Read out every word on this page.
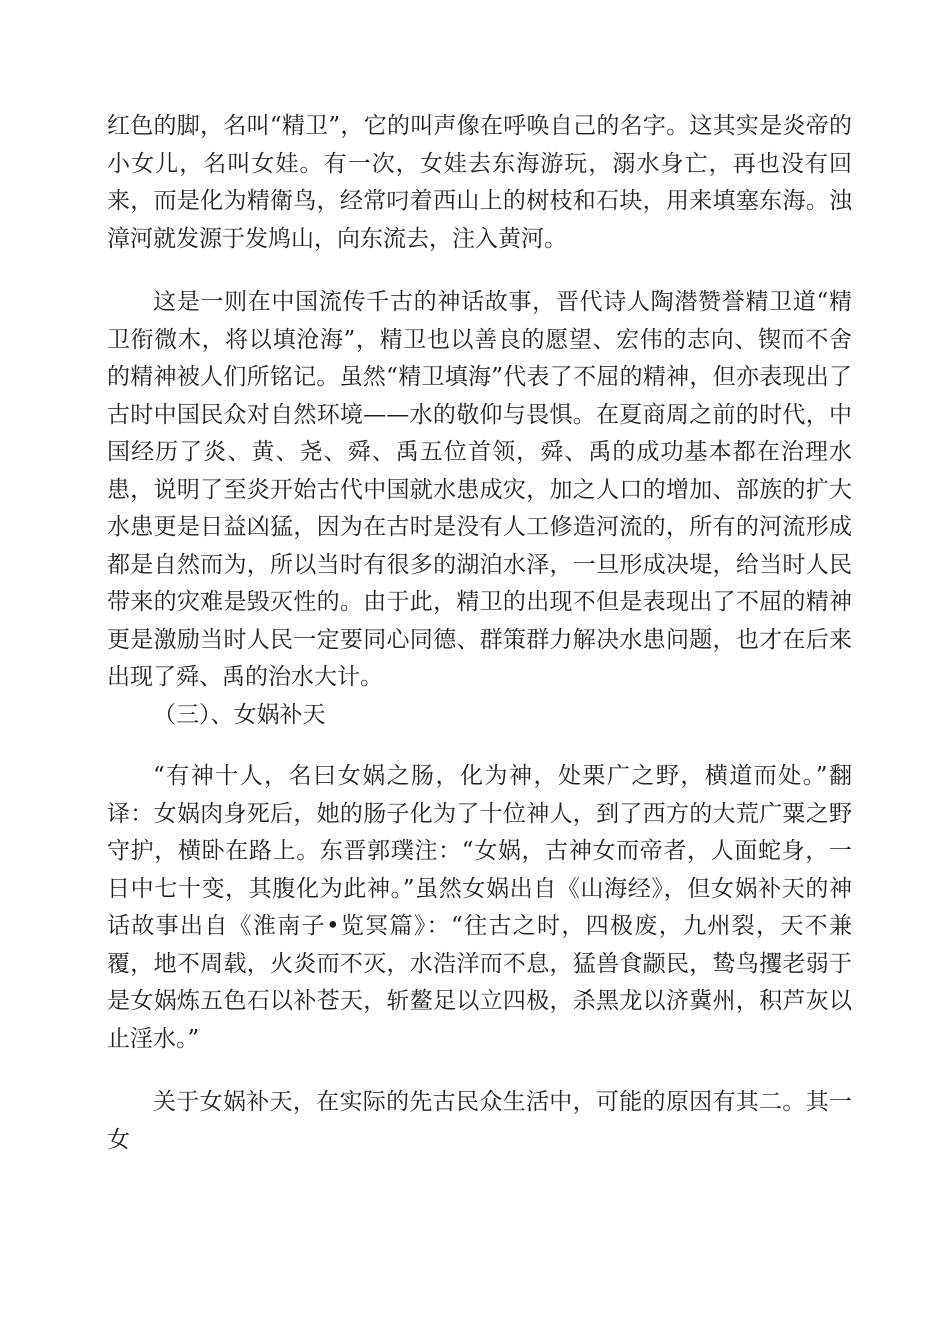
红色的脚，名叫“精卫”，它的叫声像在呼唤自己的名字。这其实是炎帝的小女儿，名叫女娃。有一次，女娃去东海游玩，溺水身亡，再也没有回来，而是化为精衛鸟，经常叼着西山上的树枝和石块，用来填塞东海。浊漳河就发源于发鸠山，向东流去，注入黄河。

这是一则在中国流传千古的神话故事，晋代诗人陶潜赞誉精卫道“精卫衔微木，将以填沧海”，精卫也以善良的愿望、宏伟的志向、锲而不舍的精神被人们所铭记。虽然“精卫填海”代表了不屈的精神，但亦表现出了古时中国民众对自然环境——水的敬仰与畏惧。在夏商周之前的时代，中国经历了炎、黄、尧、舜、禹五位首领，舜、禹的成功基本都在治理水患，说明了至炎开始古代中国就水患成灾，加之人口的增加、部族的扩大水患更是日益凶猛，因为在古时是没有人工修造河流的，所有的河流形成都是自然而为，所以当时有很多的湖泊水泽，一旦形成决堤，给当时人民带来的灾难是毁灭性的。由于此，精卫的出现不但是表现出了不屈的精神更是激励当时人民一定要同心同德、群策群力解决水患问题，也才在后来出现了舜、禹的治水大计。

（三）、女娲补天

“有神十人，名曰女娲之肠，化为神，处栗广之野，横道而处。”翻译：女娲肉身死后，她的肠子化为了十位神人，到了西方的大荒广粟之野守护，横卧在路上。东晋郭璞注：“女娲，古神女而帝者，人面蛇身，一日中七十变，其腹化为此神。”虽然女娲出自《山海经》，但女娲补天的神话故事出自《淮南子•览冥篇》：“往古之时，四极废，九州裂，天不兼覆，地不周载，火炎而不灭，水浩洋而不息，猛兽食颛民，鸷鸟攫老弱于是女娲炼五色石以补苍天，斩鳌足以立四极，杀黑龙以济冀州，积芦灰以止淫水。”

关于女娲补天，在实际的先古民众生活中，可能的原因有其二。其一女
